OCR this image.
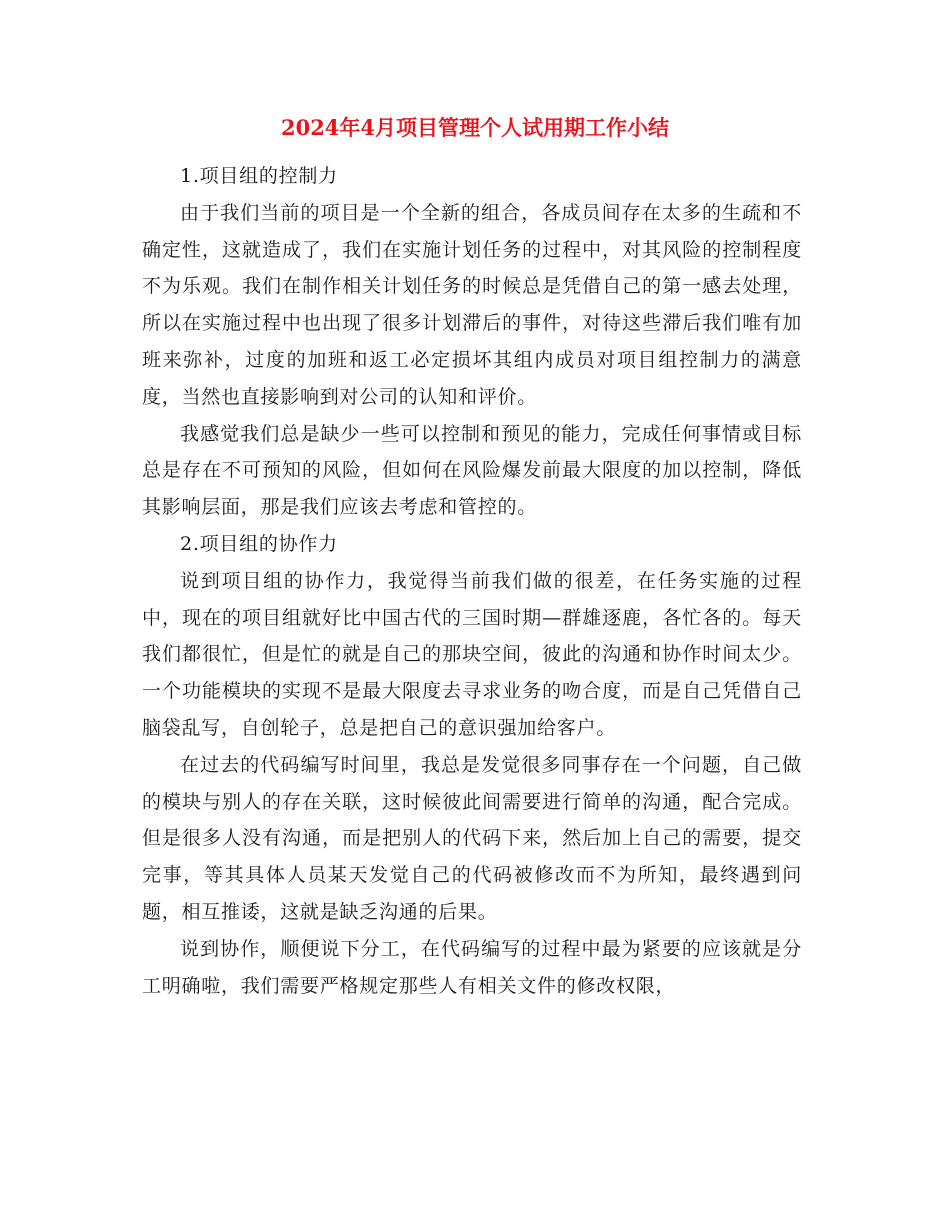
2024年4月项目管理个人试用期工作小结

1.项目组的控制力

由于我们当前的项目是一个全新的组合，各成员间存在太多的生疏和不确定性，这就造成了，我们在实施计划任务的过程中，对其风险的控制程度不为乐观。我们在制作相关计划任务的时候总是凭借自己的第一感去处理，所以在实施过程中也出现了很多计划滞后的事件，对待这些滞后我们唯有加班来弥补，过度的加班和返工必定损坏其组内成员对项目组控制力的满意度，当然也直接影响到对公司的认知和评价。

我感觉我们总是缺少一些可以控制和预见的能力，完成任何事情或目标总是存在不可预知的风险，但如何在风险爆发前最大限度的加以控制，降低其影响层面，那是我们应该去考虑和管控的。

2.项目组的协作力

说到项目组的协作力，我觉得当前我们做的很差，在任务实施的过程中，现在的项目组就好比中国古代的三国时期—群雄逐鹿，各忙各的。每天我们都很忙，但是忙的就是自己的那块空间，彼此的沟通和协作时间太少。一个功能模块的实现不是最大限度去寻求业务的吻合度，而是自己凭借自己脑袋乱写，自创轮子，总是把自己的意识强加给客户。

在过去的代码编写时间里，我总是发觉很多同事存在一个问题，自己做的模块与别人的存在关联，这时候彼此间需要进行简单的沟通，配合完成。但是很多人没有沟通，而是把别人的代码下来，然后加上自己的需要，提交完事，等其具体人员某天发觉自己的代码被修改而不为所知，最终遇到问题，相互推诿，这就是缺乏沟通的后果。

说到协作，顺便说下分工，在代码编写的过程中最为紧要的应该就是分工明确啦，我们需要严格规定那些人有相关文件的修改权限，
